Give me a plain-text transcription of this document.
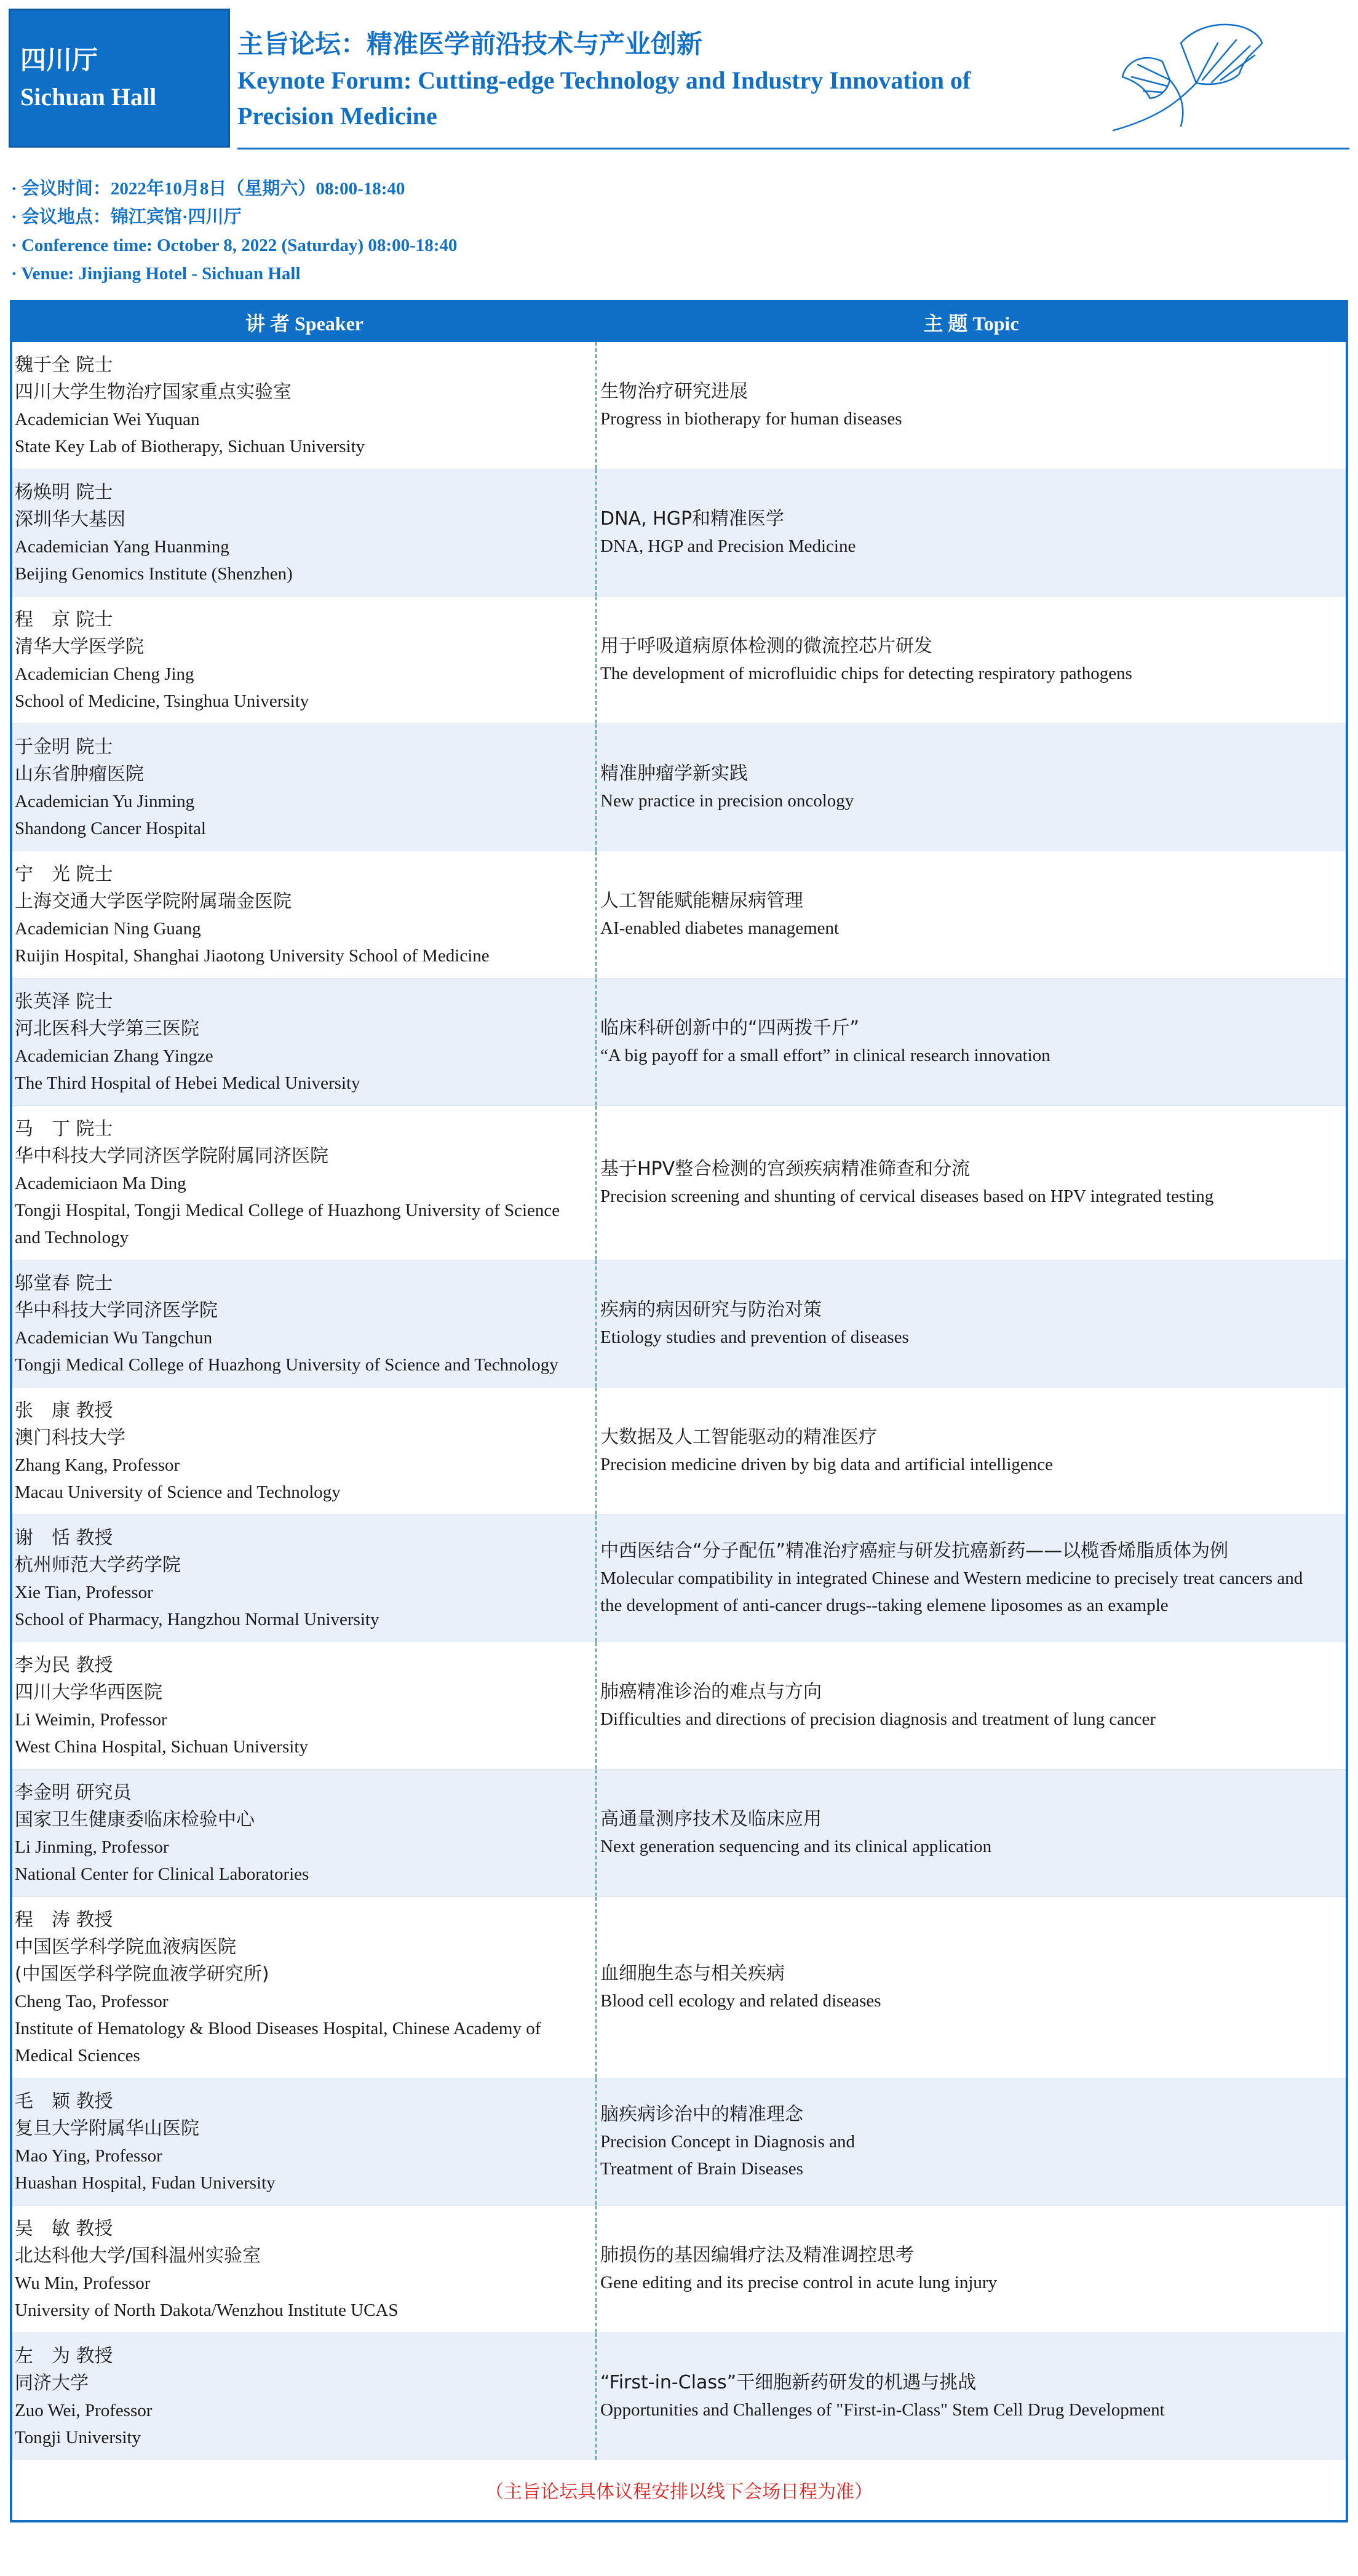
四川厅
Sichuan Hall
主旨论坛：精准医学前沿技术与产业创新
Keynote Forum: Cutting-edge Technology and Industry Innovation of
Precision Medicine
· 会议时间：2022年10月8日（星期六）08:00-18:40
· 会议地点：锦江宾馆·四川厅
· Conference time: October 8, 2022 (Saturday) 08:00-18:40
· Venue: Jinjiang Hotel - Sichuan Hall
讲 者 Speaker	主 题 Topic
魏于全 院士
四川大学生物治疗国家重点实验室
Academician Wei Yuquan
State Key Lab of Biotherapy, Sichuan University
生物治疗研究进展
Progress in biotherapy for human diseases
杨焕明 院士
深圳华大基因
Academician Yang Huanming
Beijing Genomics Institute (Shenzhen)
DNA, HGP和精准医学
DNA, HGP and Precision Medicine
程　京 院士
清华大学医学院
Academician Cheng Jing
School of Medicine, Tsinghua University
用于呼吸道病原体检测的微流控芯片研发
The development of microfluidic chips for detecting respiratory pathogens
于金明 院士
山东省肿瘤医院
Academician Yu Jinming
Shandong Cancer Hospital
精准肿瘤学新实践
New practice in precision oncology
宁　光 院士
上海交通大学医学院附属瑞金医院
Academician Ning Guang
Ruijin Hospital, Shanghai Jiaotong University School of Medicine
人工智能赋能糖尿病管理
AI-enabled diabetes management
张英泽 院士
河北医科大学第三医院
Academician Zhang Yingze
The Third Hospital of Hebei Medical University
临床科研创新中的“四两拨千斤”
“A big payoff for a small effort” in clinical research innovation
马　丁 院士
华中科技大学同济医学院附属同济医院
Academiciaon Ma Ding
Tongji Hospital, Tongji Medical College of Huazhong University of Science
and Technology
基于HPV整合检测的宫颈疾病精准筛查和分流
Precision screening and shunting of cervical diseases based on HPV integrated testing
邬堂春 院士
华中科技大学同济医学院
Academician Wu Tangchun
Tongji Medical College of Huazhong University of Science and Technology
疾病的病因研究与防治对策
Etiology studies and prevention of diseases
张　康 教授
澳门科技大学
Zhang Kang, Professor
Macau University of Science and Technology
大数据及人工智能驱动的精准医疗
Precision medicine driven by big data and artificial intelligence
谢　恬 教授
杭州师范大学药学院
Xie Tian, Professor
School of Pharmacy, Hangzhou Normal University
中西医结合“分子配伍”精准治疗癌症与研发抗癌新药——以榄香烯脂质体为例
Molecular compatibility in integrated Chinese and Western medicine to precisely treat cancers and
the development of anti-cancer drugs--taking elemene liposomes as an example
李为民 教授
四川大学华西医院
Li Weimin, Professor
West China Hospital, Sichuan University
肺癌精准诊治的难点与方向
Difficulties and directions of precision diagnosis and treatment of lung cancer
李金明 研究员
国家卫生健康委临床检验中心
Li Jinming, Professor
National Center for Clinical Laboratories
高通量测序技术及临床应用
Next generation sequencing and its clinical application
程　涛 教授
中国医学科学院血液病医院
(中国医学科学院血液学研究所)
Cheng Tao, Professor
Institute of Hematology & Blood Diseases Hospital, Chinese Academy of
Medical Sciences
血细胞生态与相关疾病
Blood cell ecology and related diseases
毛　颖 教授
复旦大学附属华山医院
Mao Ying, Professor
Huashan Hospital, Fudan University
脑疾病诊治中的精准理念
Precision Concept in Diagnosis and
Treatment of Brain Diseases
吴　敏 教授
北达科他大学/国科温州实验室
Wu Min, Professor
University of North Dakota/Wenzhou Institute UCAS
肺损伤的基因编辑疗法及精准调控思考
Gene editing and its precise control in acute lung injury
左　为 教授
同济大学
Zuo Wei, Professor
Tongji University
“First-in-Class”干细胞新药研发的机遇与挑战
Opportunities and Challenges of "First-in-Class" Stem Cell Drug Development
（主旨论坛具体议程安排以线下会场日程为准）
